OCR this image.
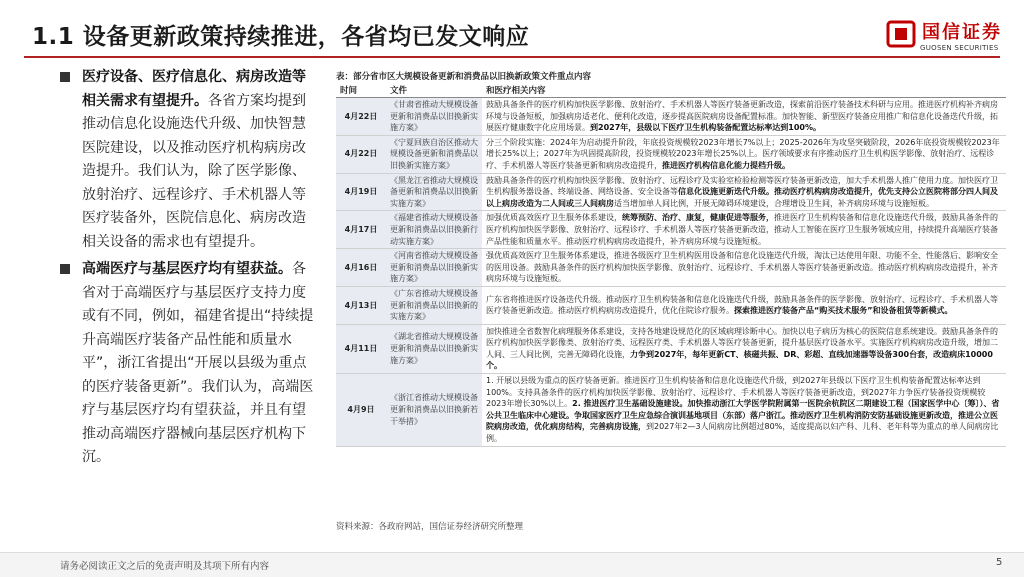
1.1 设备更新政策持续推进，各省均已发文响应	国信证券
GUOSEN SECURITIES
医疗设备、医疗信息化、病房改造等相关需求有望提升。各省方案均提到推动信息化设施迭代升级、加快智慧医院建设，以及推动医疗机构病房改造提升。我们认为，除了医学影像、放射治疗、远程诊疗、手术机器人等医疗装备外，医院信息化、病房改造相关设备的需求也有望提升。
高端医疗与基层医疗均有望获益。各省对于高端医疗与基层医疗支持力度或有不同，例如，福建省提出“持续提升高端医疗装备产品性能和质量水平”，浙江省提出“开展以县级为重点的医疗装备更新”。我们认为，高端医疗与基层医疗均有望获益，并且有望推动高端医疗器械向基层医疗机构下沉。
表：部分省市区大规模设备更新和消费品以旧换新政策文件重点内容
时间	文件	和医疗相关内容
4月22日	《甘肃省推动大规模设备更新和消费品以旧换新实施方案》	鼓励具备条件的医疗机构加快医学影像、放射治疗、手术机器人等医疗装备更新改造，探索前沿医疗装备技术科研与应用。推进医疗机构补齐病房环境与设备短板，加强病房适老化、便利化改造，逐步提高医院病房设备配置标准。加快智能、新型医疗装备应用推广和信息化设备迭代升级，拓展医疗健康数字化应用场景。到2027年，县级以下医疗卫生机构装备配置达标率达到100%。
4月22日	《宁夏回族自治区推动大规模设备更新和消费品以旧换新实施方案》	分三个阶段实施：2024年为启动提升阶段，年底投资规模较2023年增长7%以上；2025-2026年为攻坚突破阶段，2026年底投资规模较2023年增长25%以上；2027年为巩固提高阶段，投资规模较2023年增长25%以上。医疗领域要求有序推动医疗卫生机构医学影像、放射治疗、远程诊疗、手术机器人等医疗装备更新和病房改造提升，推进医疗机构信息化能力提档升级。
4月19日	《黑龙江省推动大规模设备更新和消费品以旧换新实施方案》	鼓励具备条件的医疗机构加快医学影像、放射治疗、远程诊疗及实验室检验检测等医疗装备更新改造，加大手术机器人推广使用力度。加快医疗卫生机构服务器设备、终端设备、网络设备、安全设备等信息化设施更新迭代升级。推动医疗机构病房改造提升，优先支持公立医院将部分四人间及以上病房改造为二人间或三人间病房适当增加单人间比例，开展无障碍环境建设，合理增设卫生间，补齐病房环境与设施短板。
4月17日	《福建省推动大规模设备更新和消费品以旧换新行动实施方案》	加强优质高效医疗卫生服务体系建设，统筹预防、治疗、康复，健康促进等服务，推进医疗卫生机构装备和信息化设施迭代升级，鼓励具备条件的医疗机构加快医学影像、放射治疗、远程诊疗、手术机器人等医疗装备更新改造，推动人工智能在医疗卫生服务领域应用，持续提升高端医疗装备产品性能和质量水平。推动医疗机构病房改造提升，补齐病房环境与设施短板。
4月16日	《河南省推动大规模设备更新和消费品以旧换新实施方案》	强优质高效医疗卫生服务体系建设，推进各级医疗卫生机构医用设备和信息化设施迭代升级，淘汰已达使用年限、功能不全、性能落后、影响安全的医用设备。鼓励具备条件的医疗机构加快医学影像、放射治疗、远程诊疗、手术机器人等医疗装备更新改造。推动医疗机构病房改造提升，补齐病房环境与设施短板。
4月13日	《广东省推动大规模设备更新和消费品以旧换新的实施方案》	广东省将推进医疗设备迭代升级。推动医疗卫生机构装备和信息化设施迭代升级，鼓励具备条件的医学影像、放射治疗、远程诊疗、手术机器人等医疗装备更新改造。推动医疗机构病房改造提升，优化住院诊疗服务。探索推进医疗装备产品“购买技术服务”和设备租赁等新模式。
4月11日	《湖北省推动大规模设备更新和消费品以旧换新实施方案》	加快推进全省数智化病理服务体系建设，支持各地建设规范化的区域病理诊断中心。加快以电子病历为核心的医院信息系统建设。鼓励具备条件的医疗机构加快医学影像类、放射治疗类、远程医疗类、手术机器人等医疗装备更新，提升基层医疗设备水平。实施医疗机构病房改造升级，增加二人间、三人间比例，完善无障碍化设施，力争到2027年，每年更新CT、核磁共振、DR、彩超、直线加速器等设备300台套，改造病床10000个。
4月9日	《浙江省推动大规模设备更新和消费品以旧换新若干举措》	1. 开展以县级为重点的医疗装备更新。推进医疗卫生机构装备和信息化设施迭代升级，到2027年县级以下医疗卫生机构装备配置达标率达到100%。支持具备条件的医疗机构加快医学影像、放射治疗、远程诊疗、手术机器人等医疗装备更新改造，到2027年力争医疗装备投资规模较2023年增长30%以上。2. 推进医疗卫生基础设施建设。加快推动浙江大学医学院附属第一医院余杭院区二期建设工程（国家医学中心〔筹〕）、省公共卫生临床中心建设。争取国家医疗卫生应急综合演训基地项目（东部）落户浙江。推动医疗卫生机构消防安防基础设施更新改造，推进公立医院病房改造，优化病房结构，完善病房设施，到2027年2—3人间病房比例超过80%，适度提高以妇产科、儿科、老年科等为重点的单人间病房比例。
资料来源：各政府网站，国信证券经济研究所整理
请务必阅读正文之后的免责声明及其项下所有内容	5
